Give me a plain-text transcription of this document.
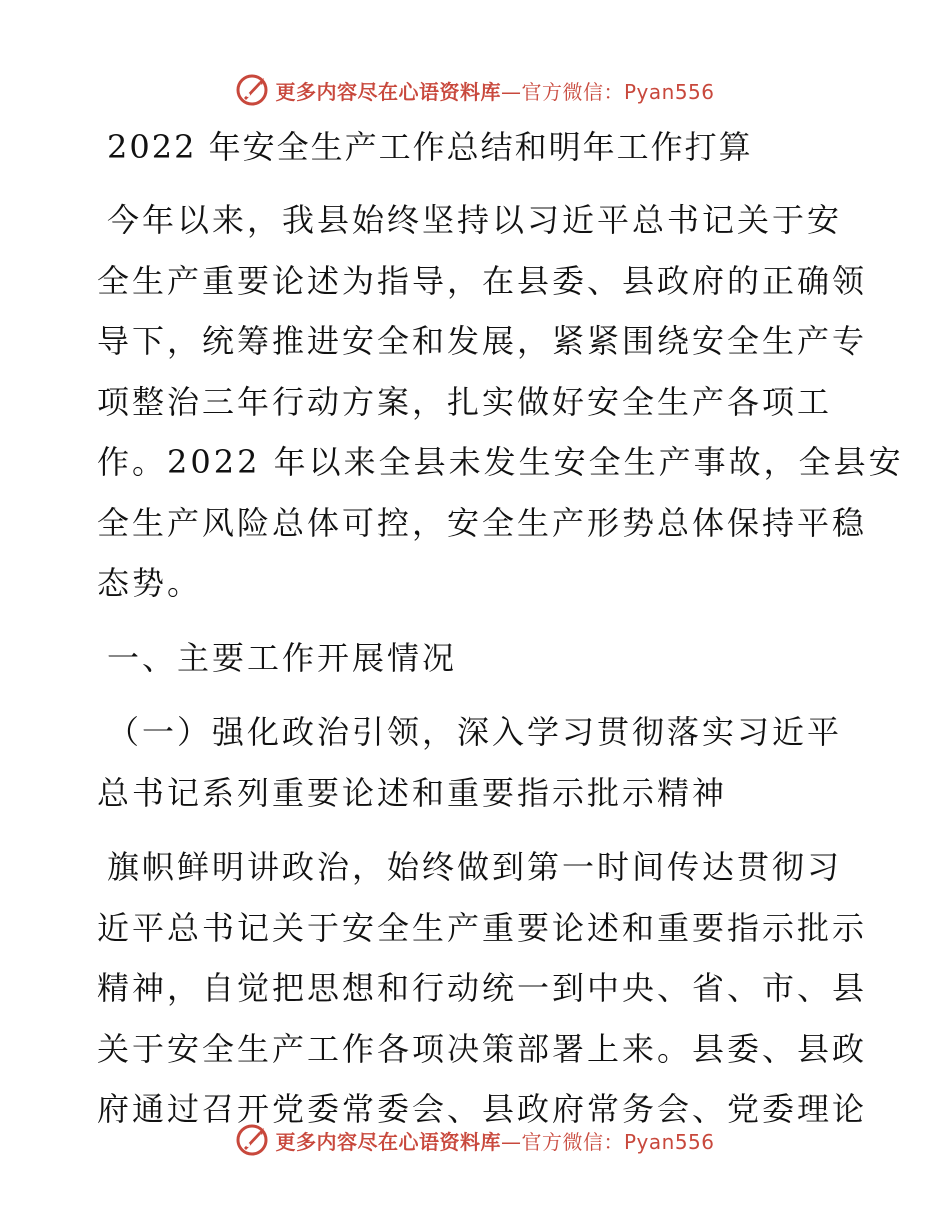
更多内容尽在心语资料库—官方微信：Pyan556
2022 年安全生产工作总结和明年工作打算

今年以来，我县始终坚持以习近平总书记关于安
全生产重要论述为指导，在县委、县政府的正确领
导下，统筹推进安全和发展，紧紧围绕安全生产专
项整治三年行动方案，扎实做好安全生产各项工
作。2022 年以来全县未发生安全生产事故，全县安
全生产风险总体可控，安全生产形势总体保持平稳
态势。

一、主要工作开展情况

（一）强化政治引领，深入学习贯彻落实习近平
总书记系列重要论述和重要指示批示精神

旗帜鲜明讲政治，始终做到第一时间传达贯彻习
近平总书记关于安全生产重要论述和重要指示批示
精神，自觉把思想和行动统一到中央、省、市、县
关于安全生产工作各项决策部署上来。县委、县政
府通过召开党委常委会、县政府常务会、党委理论

更多内容尽在心语资料库—官方微信：Pyan556
